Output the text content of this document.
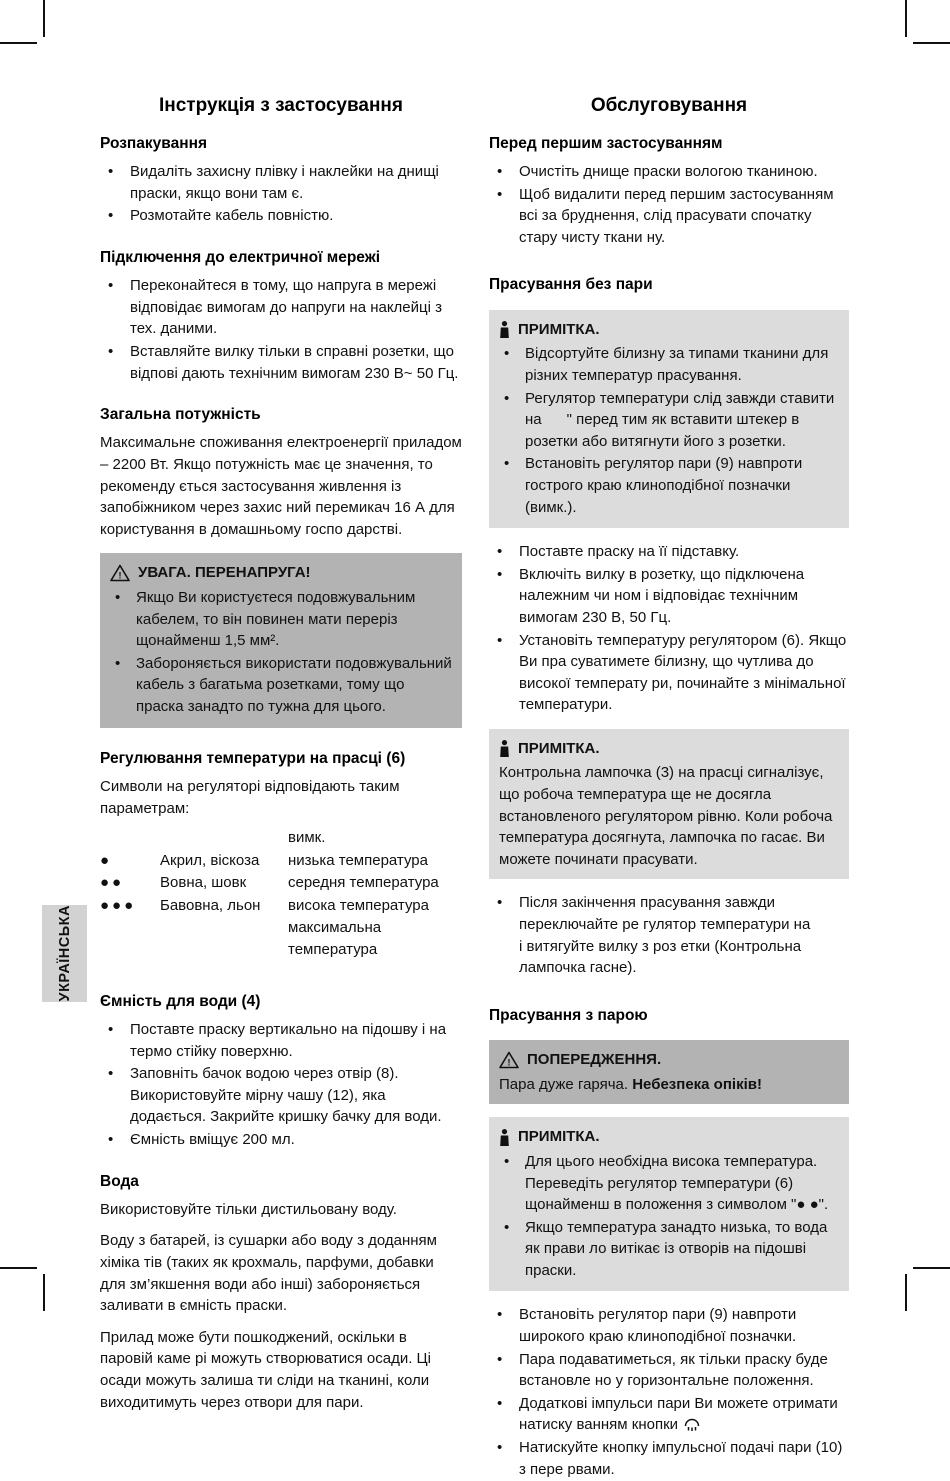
УКРАЇНСЬКА
Інструкція з застосування
Розпакування
• Видаліть захисну плівку і наклейки на днищі праски, якщо вони там є.
• Розмотайте кабель повністю.
Підключення до електричної мережі
• Переконайтеся в тому, що напруга в мережі відповідає вимогам до напруги на наклейці з тех. даними.
• Вставляйте вилку тільки в справні розетки, що відпові дають технічним вимогам 230 В~ 50 Гц.
Загальна потужність
Максимальне споживання електроенергії приладом – 2200 Вт. Якщо потужність має це значення, то рекоменду ється застосування живлення із запобіжником через захис ний перемикач 16 А для користування в домашньому госпо дарстві.
! УВАГА. ПЕРЕНАПРУГА!
• Якщо Ви користуєтеся подовжувальним кабелем, то він повинен мати переріз щонайменш 1,5 мм².
• Забороняється використати подовжувальний кабель з багатьма розетками, тому що праска занадто по тужна для цього.
Регулювання температури на прасці (6)
Символи на регуляторі відповідають таким параметрам:
вимк.
●	Акрил, віскоза	низька температура
●●	Вовна, шовк	середня температура
●●●	Бавовна, льон	висока температура
максимальна температура
Ємність для води (4)
• Поставте праску вертикально на підошву і на термо стійку поверхню.
• Заповніть бачок водою через отвір (8). Використовуйте мірну чашу (12), яка додається. Закрийте кришку бачку для води.
• Ємність вміщує 200 мл.
Вода
Використовуйте тільки дистильовану воду.
Воду з батарей, із сушарки або воду з доданням хіміка тів (таких як крохмаль, парфуми, добавки для зм’якшення води або інші) забороняється заливати в ємність праски.
Прилад може бути пошкоджений, оскільки в паровій каме рі можуть створюватися осади. Ці осади можуть залиша ти сліди на тканині, коли виходитимуть через отвори для пари.
Обслуговування
Перед першим застосуванням
• Очистіть днище праски вологою тканиною.
• Щоб видалити перед першим застосуванням всі за бруднення, слід прасувати спочатку стару чисту ткани ну.
Прасування без пари
ПРИМІТКА.
• Відсортуйте білизну за типами тканини для різних температур прасування.
• Регулятор температури слід завжди ставити на      " перед тим як вставити штекер в розетки або витягнути його з розетки.
• Встановіть регулятор пари (9) навпроти гострого краю клиноподібної позначки (вимк.).
• Поставте праску на її підставку.
• Включіть вилку в розетку, що підключена належним чи ном і відповідає технічним вимогам 230 В, 50 Гц.
• Установіть температуру регулятором (6). Якщо Ви пра суватимете білизну, що чутлива до високої температу ри, починайте з мінімальної температури.
ПРИМІТКА.
Контрольна лампочка (3) на прасці сигналізує, що робоча температура ще не досягла встановленого регулятором рівню. Коли робоча температура досягнута, лампочка по гасає. Ви можете починати прасувати.
• Після закінчення прасування завжди переключайте ре гулятор температури на         і витягуйте вилку з роз етки (Контрольна лампочка гасне).
Прасування з парою
! ПОПЕРЕДЖЕННЯ.
Пара дуже гаряча. Небезпека опіків!
ПРИМІТКА.
• Для цього необхідна висока температура. Переведіть регулятор температури (6) щонайменш в положення з символом "● ●".
• Якщо температура занадто низька, то вода як прави ло витікає із отворів на підошві праски.
• Встановіть регулятор пари (9) навпроти широкого краю клиноподібної позначки.
• Пара подаватиметься, як тільки праску буде встановле но у горизонтальне положення.
• Додаткові імпульси пари Ви можете отримати натиску ванням кнопки
• Натискуйте кнопку імпульсної подачі пари (10) з пере рвами.
